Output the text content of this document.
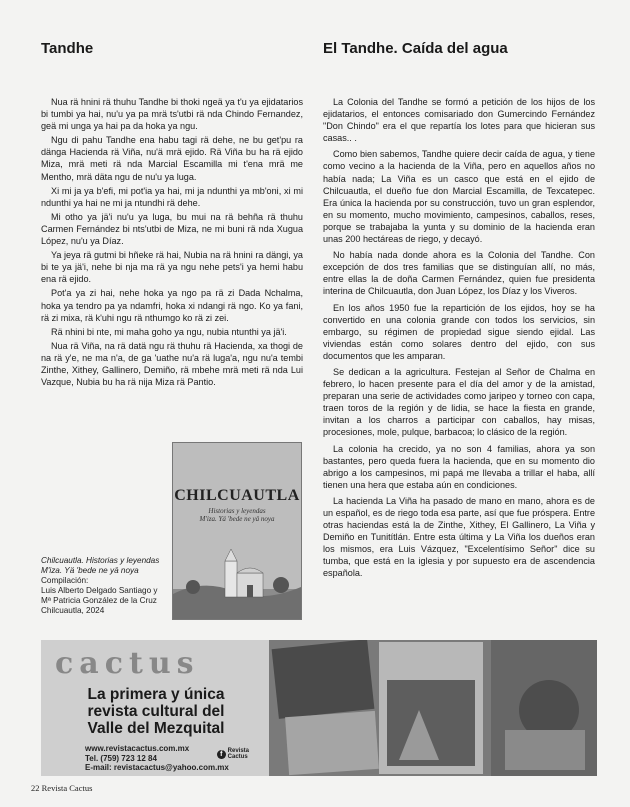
Tandhe	El Tandhe. Caída del agua

Nua rä hnini rä thuhu Tandhe bi thoki ngeä ya t'u ya ejidatarios bi tumbi ya hai, nu'u ya pa mrä ts'utbi rä nda Chindo Fernandez, geä mi unga ya hai pa da hoka ya ngu.

Ngu di pahu Tandhe ena habu tagi rä dehe, ne bu get'pu ra dänga Hacienda rä Viña, nu'ä mrä ejido. Rä Viña bu ha rä ejido Miza, mrä meti rä nda Marcial Escamilla mi t'ena mrä me Mentho, mrä däta ngu de nu'u ya luga.

Xi mi ja ya b'efi, mi pot'ia ya hai, mi ja ndunthi ya mb'oni, xi mi ndunthi ya hai ne mi ja ntundhi rä dehe.

Mi otho ya jä'i nu'u ya luga, bu mui na rä behña rä thuhu Carmen Fernández bi nts'utbi de Miza, ne mi buni rä nda Xugua López, nu'u ya Díaz.

Ya jeya rä gutmi bi hñeke rä hai, Nubia na rä hnini ra dängi, ya bi te ya jä'i, nehe bi nja ma rä ya ngu nehe pets'i ya hemi habu ena rä ejido.

Pot'a ya zi hai, nehe hoka ya ngo pa rä zi Dada Nchalma, hoka ya tendro pa ya ndamfri, hoka xi ndangi rä ngo. Ko ya fani, rä zi mixa, rä k'uhi ngu rä nthumgo ko rä zi zei.

Rä nhini bi nte, mi maha goho ya ngu, nubia ntunthi ya jä'i.

Nua rä Viña, na rä datä ngu rä thuhu rä Hacienda, xa thogi de na rä y'e, ne ma n'a, de ga 'uathe nu'a rä luga'a, ngu nu'a tembi Zinthe, Xithey, Gallinero, Demiño, rä mbehe mrä meti rä nda Lui Vazque, Nubia bu ha rä nija Miza rä Pantio.

La Colonia del Tandhe se formó a petición de los hijos de los ejidatarios, el entonces comisariado don Gumercindo Fernández "Don Chindo" era el que repartía los lotes para que hicieran sus casas.. .

Como bien sabemos, Tandhe quiere decir caída de agua, y tiene como vecino a la hacienda de la Viña, pero en aquellos años no había nada; La Viña es un casco que está en el ejido de Chilcuautla, el dueño fue don Marcial Escamilla, de Texcatepec. Era única la hacienda por su construcción, tuvo un gran esplendor, en su momento, mucho movimiento, campesinos, caballos, reses, porque se trabajaba la yunta y su dominio de la hacienda eran unas 200 hectáreas de riego, y decayó.

No había nada donde ahora es la Colonia del Tandhe. Con excepción de dos tres familias que se distinguían allí, no más, entre ellas la de doña Carmen Fernández, quien fue presidenta interina de Chilcuautla, don Juan López, los Díaz y los Viveros.

En los años 1950 fue la repartición de los ejidos, hoy se ha convertido en una colonia grande con todos los servicios, sin embargo, su régimen de propiedad sigue siendo ejidal. Las viviendas están como solares dentro del ejido, con sus documentos que les amparan.

Se dedican a la agricultura. Festejan al Señor de Chalma en febrero, lo hacen presente para el día del amor y de la amistad, preparan una serie de actividades como jaripeo y torneo con capa, traen toros de la región y de lidia, se hace la fiesta en grande, invitan a los charros a participar con caballos, hay misas, procesiones, mole, pulque, barbacoa; lo clásico de la región.

La colonia ha crecido, ya no son 4 familias, ahora ya son bastantes, pero queda fuera la hacienda, que en su momento dio abrigo a los campesinos, mi papá me llevaba a trillar el haba, allí tienen una hera que estaba aún en condiciones.

La hacienda La Viña ha pasado de mano en mano, ahora es de un español, es de riego toda esa parte, así que fue próspera. Entre otras haciendas está la de Zinthe, Xithey, El Gallinero, La Viña y Demiño en Tunitítlán. Entre esta última y La Viña los dueños eran los mismos, era Luis Vázquez, "Excelentísimo Señor" dice su tumba, que está en la iglesia y por supuesto era de ascendencia española.

CHILCUAUTLA
Historias y leyendas
M'iza. Yä 'bede ne yä noya
Chilcuautla. Historias y leyendas
M'iza. Yä 'bede ne yä noya
Compilación:
Luis Alberto Delgado Santiago y
Mª Patricia González de la Cruz
Chilcuautla, 2024
cactus
La primera y única
revista cultural del
Valle del Mezquital
www.revistacactus.com.mx
Tel. (759) 723 12 84
E-mail: revistacactus@yahoo.com.mx
f Revista Cactus
22 Revista Cactus
